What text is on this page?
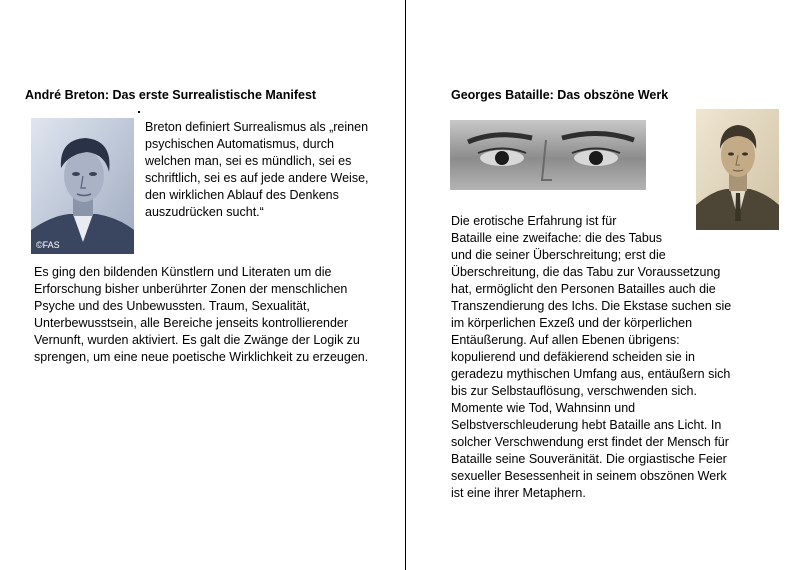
André Breton: Das erste Surrealistische Manifest
©FAS
Breton definiert Surrealismus als „reinen psychischen Automatismus, durch welchen man, sei es mündlich, sei es schriftlich, sei es auf jede andere Weise, den wirklichen Ablauf des Denkens auszudrücken sucht.“
Es ging den bildenden Künstlern und Literaten um die Erforschung bisher unberührter Zonen der menschlichen Psyche und des Unbewussten. Traum, Sexualität, Unterbewusstsein, alle Bereiche jenseits kontrollierender Vernunft, wurden aktiviert. Es galt die Zwänge der Logik zu sprengen, um eine neue poetische Wirklichkeit zu erzeugen.
Georges Bataille: Das obszöne Werk
Die erotische Erfahrung ist für
Bataille eine zweifache: die des Tabus
und die seiner Überschreitung; erst die
Überschreitung, die das Tabu zur Voraussetzung
hat, ermöglicht den Personen Batailles auch die
Transzendierung des Ichs. Die Ekstase suchen sie
im körperlichen Exzeß und der körperlichen
Entäußerung. Auf allen Ebenen übrigens:
kopulierend und defäkierend scheiden sie in
geradezu mythischen Umfang aus, entäußern sich
bis zur Selbstauflösung, verschwenden sich.
Momente wie Tod, Wahnsinn und
Selbstverschleuderung hebt Bataille ans Licht. In
solcher Verschwendung erst findet der Mensch für
Bataille seine Souveränität. Die orgiastische Feier
sexueller Besessenheit in seinem obszönen Werk
ist eine ihrer Metaphern.
